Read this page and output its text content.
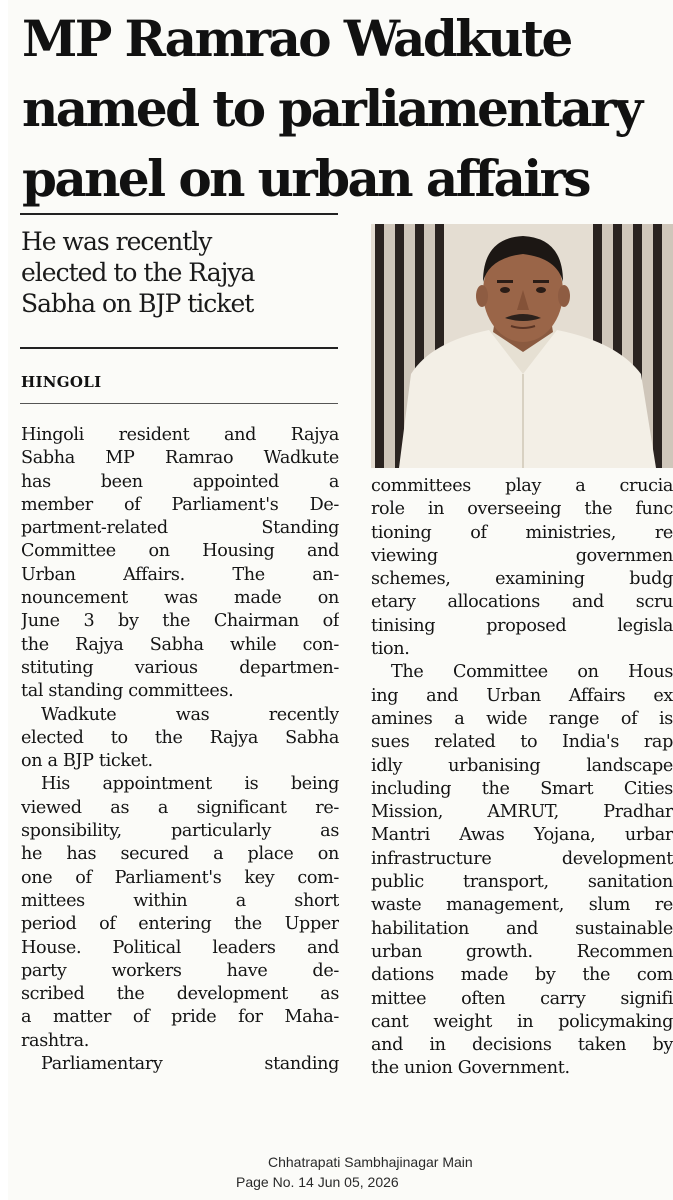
MP Ramrao Wadkute
named to parliamentary
panel on urban affairs
He was recently
elected to the Rajya
Sabha on BJP ticket

HINGOLI

Hingoli resident and Rajya
Sabha MP Ramrao Wadkute
has been appointed a
member of Parliament's De-
partment-related Standing
Committee on Housing and
Urban Affairs. The an-
nouncement was made on
June 3 by the Chairman of
the Rajya Sabha while con-
stituting various departmen-
tal standing committees.
Wadkute was recently
elected to the Rajya Sabha
on a BJP ticket.
His appointment is being
viewed as a significant re-
sponsibility, particularly as
he has secured a place on
one of Parliament's key com-
mittees within a short
period of entering the Upper
House. Political leaders and
party workers have de-
scribed the development as
a matter of pride for Maha-
rashtra.
Parliamentary standing
committees play a crucia
role in overseeing the func
tioning of ministries, re
viewing governmen
schemes, examining budg
etary allocations and scru
tinising proposed legisla
tion.
The Committee on Hous
ing and Urban Affairs ex
amines a wide range of is
sues related to India's rap
idly urbanising landscape
including the Smart Cities
Mission, AMRUT, Pradhar
Mantri Awas Yojana, urbar
infrastructure development
public transport, sanitation
waste management, slum re
habilitation and sustainable
urban growth. Recommen
dations made by the com
mittee often carry signifi
cant weight in policymaking
and in decisions taken by
the union Government.
Chhatrapati Sambhajinagar Main
Page No. 14 Jun 05, 2026
